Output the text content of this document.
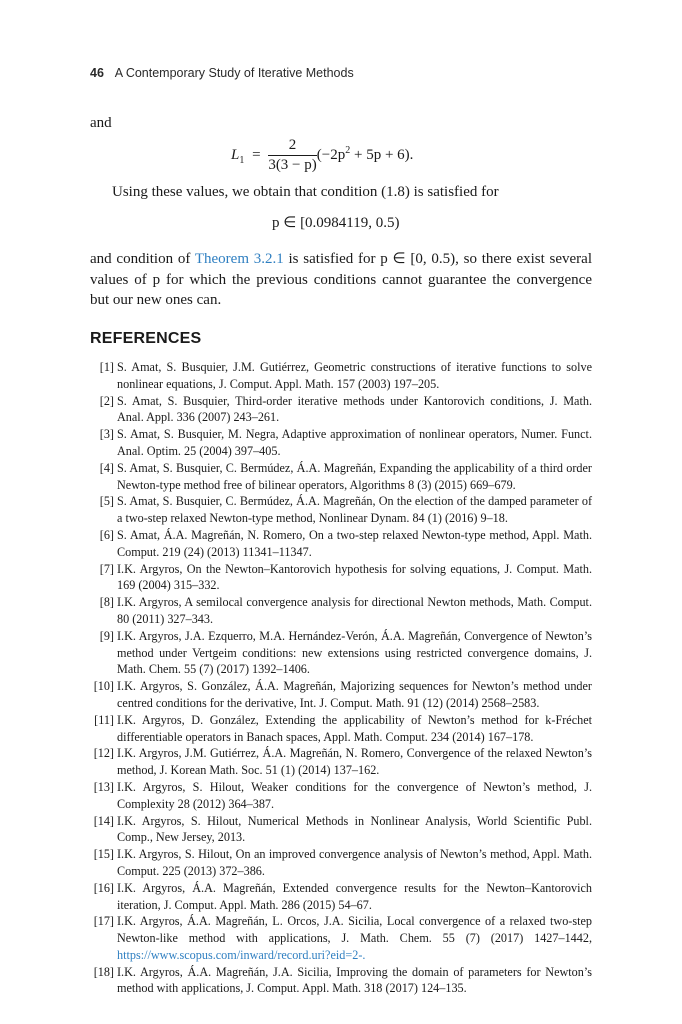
46 A Contemporary Study of Iterative Methods
and
$L_1 = \frac{2}{3(3 - p)} (-2p^2 + 5p + 6)$.
Using these values, we obtain that condition (1.8) is satisfied for
p ∈ [0.0984119, 0.5)
and condition of Theorem 3.2.1 is satisfied for p ∈ [0, 0.5), so there exist several
values of p for which the previous conditions cannot guarantee the convergence
but our new ones can.
REFERENCES
[1] S. Amat, S. Busquier, J.M. Gutiérrez, Geometric constructions of iterative functions to solve nonlinear equations, J. Comput. Appl. Math. 157 (2003) 197–205.
[2] S. Amat, S. Busquier, Third-order iterative methods under Kantorovich conditions, J. Math. Anal. Appl. 336 (2007) 243–261.
[3] S. Amat, S. Busquier, M. Negra, Adaptive approximation of nonlinear operators, Numer. Funct. Anal. Optim. 25 (2004) 397–405.
[4] S. Amat, S. Busquier, C. Bermúdez, Á.A. Magreñán, Expanding the applicability of a third order Newton-type method free of bilinear operators, Algorithms 8 (3) (2015) 669–679.
[5] S. Amat, S. Busquier, C. Bermúdez, Á.A. Magreñán, On the election of the damped parameter of a two-step relaxed Newton-type method, Nonlinear Dynam. 84 (1) (2016) 9–18.
[6] S. Amat, Á.A. Magreñán, N. Romero, On a two-step relaxed Newton-type method, Appl. Math. Comput. 219 (24) (2013) 11341–11347.
[7] I.K. Argyros, On the Newton–Kantorovich hypothesis for solving equations, J. Comput. Math. 169 (2004) 315–332.
[8] I.K. Argyros, A semilocal convergence analysis for directional Newton methods, Math. Comput. 80 (2011) 327–343.
[9] I.K. Argyros, J.A. Ezquerro, M.A. Hernández-Verón, Á.A. Magreñán, Convergence of Newton’s method under Vertgeim conditions: new extensions using restricted convergence domains, J. Math. Chem. 55 (7) (2017) 1392–1406.
[10] I.K. Argyros, S. González, Á.A. Magreñán, Majorizing sequences for Newton’s method under centred conditions for the derivative, Int. J. Comput. Math. 91 (12) (2014) 2568–2583.
[11] I.K. Argyros, D. González, Extending the applicability of Newton’s method for k-Fréchet differentiable operators in Banach spaces, Appl. Math. Comput. 234 (2014) 167–178.
[12] I.K. Argyros, J.M. Gutiérrez, Á.A. Magreñán, N. Romero, Convergence of the relaxed Newton’s method, J. Korean Math. Soc. 51 (1) (2014) 137–162.
[13] I.K. Argyros, S. Hilout, Weaker conditions for the convergence of Newton’s method, J. Complexity 28 (2012) 364–387.
[14] I.K. Argyros, S. Hilout, Numerical Methods in Nonlinear Analysis, World Scientific Publ. Comp., New Jersey, 2013.
[15] I.K. Argyros, S. Hilout, On an improved convergence analysis of Newton’s method, Appl. Math. Comput. 225 (2013) 372–386.
[16] I.K. Argyros, Á.A. Magreñán, Extended convergence results for the Newton–Kantorovich iteration, J. Comput. Appl. Math. 286 (2015) 54–67.
[17] I.K. Argyros, Á.A. Magreñán, L. Orcos, J.A. Sicilia, Local convergence of a relaxed two-step Newton-like method with applications, J. Math. Chem. 55 (7) (2017) 1427–1442, https://www.scopus.com/inward/record.uri?eid=2-.
[18] I.K. Argyros, Á.A. Magreñán, J.A. Sicilia, Improving the domain of parameters for Newton’s method with applications, J. Comput. Appl. Math. 318 (2017) 124–135.
